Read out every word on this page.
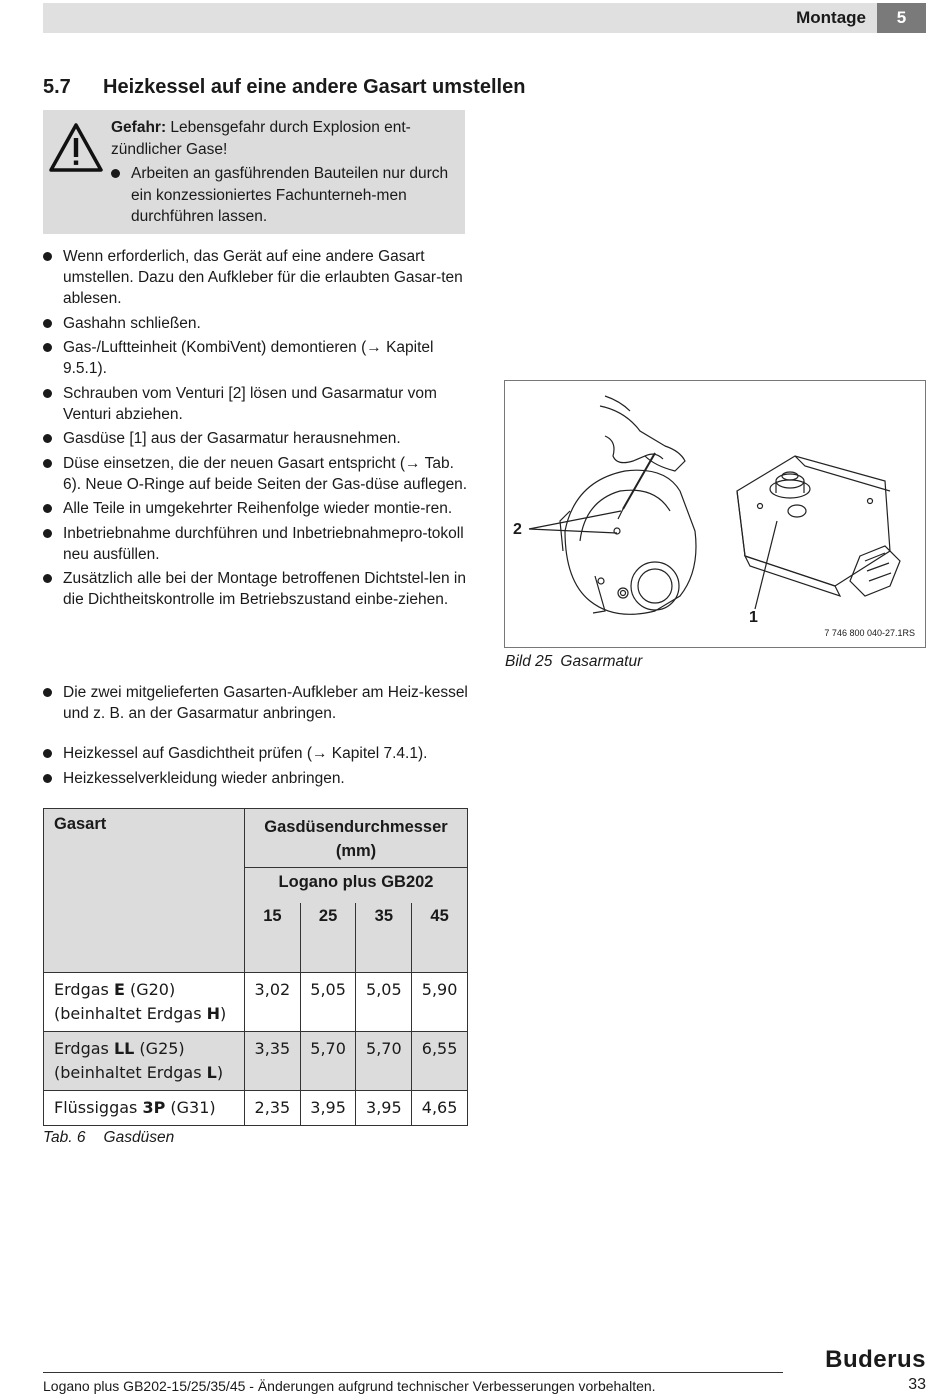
Montage	5
5.7 Heizkessel auf eine andere Gasart umstellen
Gefahr: Lebensgefahr durch Explosion ent-zündlicher Gase!
Arbeiten an gasführenden Bauteilen nur durch ein konzessioniertes Fachunterneh-men durchführen lassen.
Wenn erforderlich, das Gerät auf eine andere Gasart umstellen. Dazu den Aufkleber für die erlaubten Gasar-ten ablesen.
Gashahn schließen.
Gas-/Luftteinheit (KombiVent) demontieren (→ Kapitel 9.5.1).
Schrauben vom Venturi [2] lösen und Gasarmatur vom Venturi abziehen.
Gasdüse [1] aus der Gasarmatur herausnehmen.
Düse einsetzen, die der neuen Gasart entspricht (→ Tab. 6). Neue O-Ringe auf beide Seiten der Gas-düse auflegen.
Alle Teile in umgekehrter Reihenfolge wieder montie-ren.
Inbetriebnahme durchführen und Inbetriebnahmepro-tokoll neu ausfüllen.
Zusätzlich alle bei der Montage betroffenen Dichtstel-len in die Dichtheitskontrolle im Betriebszustand einbe-ziehen.
Die zwei mitgelieferten Gasarten-Aufkleber am Heiz-kessel und z. B. an der Gasarmatur anbringen.
Heizkessel auf Gasdichtheit prüfen (→ Kapitel 7.4.1).
Heizkesselverkleidung wieder anbringen.
2
1
7 746 800 040-27.1RS
Bild 25 Gasarmatur
Gasart	Gasdüsendurchmesser (mm)			
	Logano plus GB202			
	15	25	35	45
Erdgas E (G20)
(beinhaltet Erdgas H)	3,02	5,05	5,05	5,90
Erdgas LL (G25)
(beinhaltet Erdgas L)	3,35	5,70	5,70	6,55
Flüssiggas 3P (G31)	2,35	3,95	3,95	4,65
Tab. 6 Gasdüsen
Buderus
Logano plus GB202-15/25/35/45 - Änderungen aufgrund technischer Verbesserungen vorbehalten.	33
